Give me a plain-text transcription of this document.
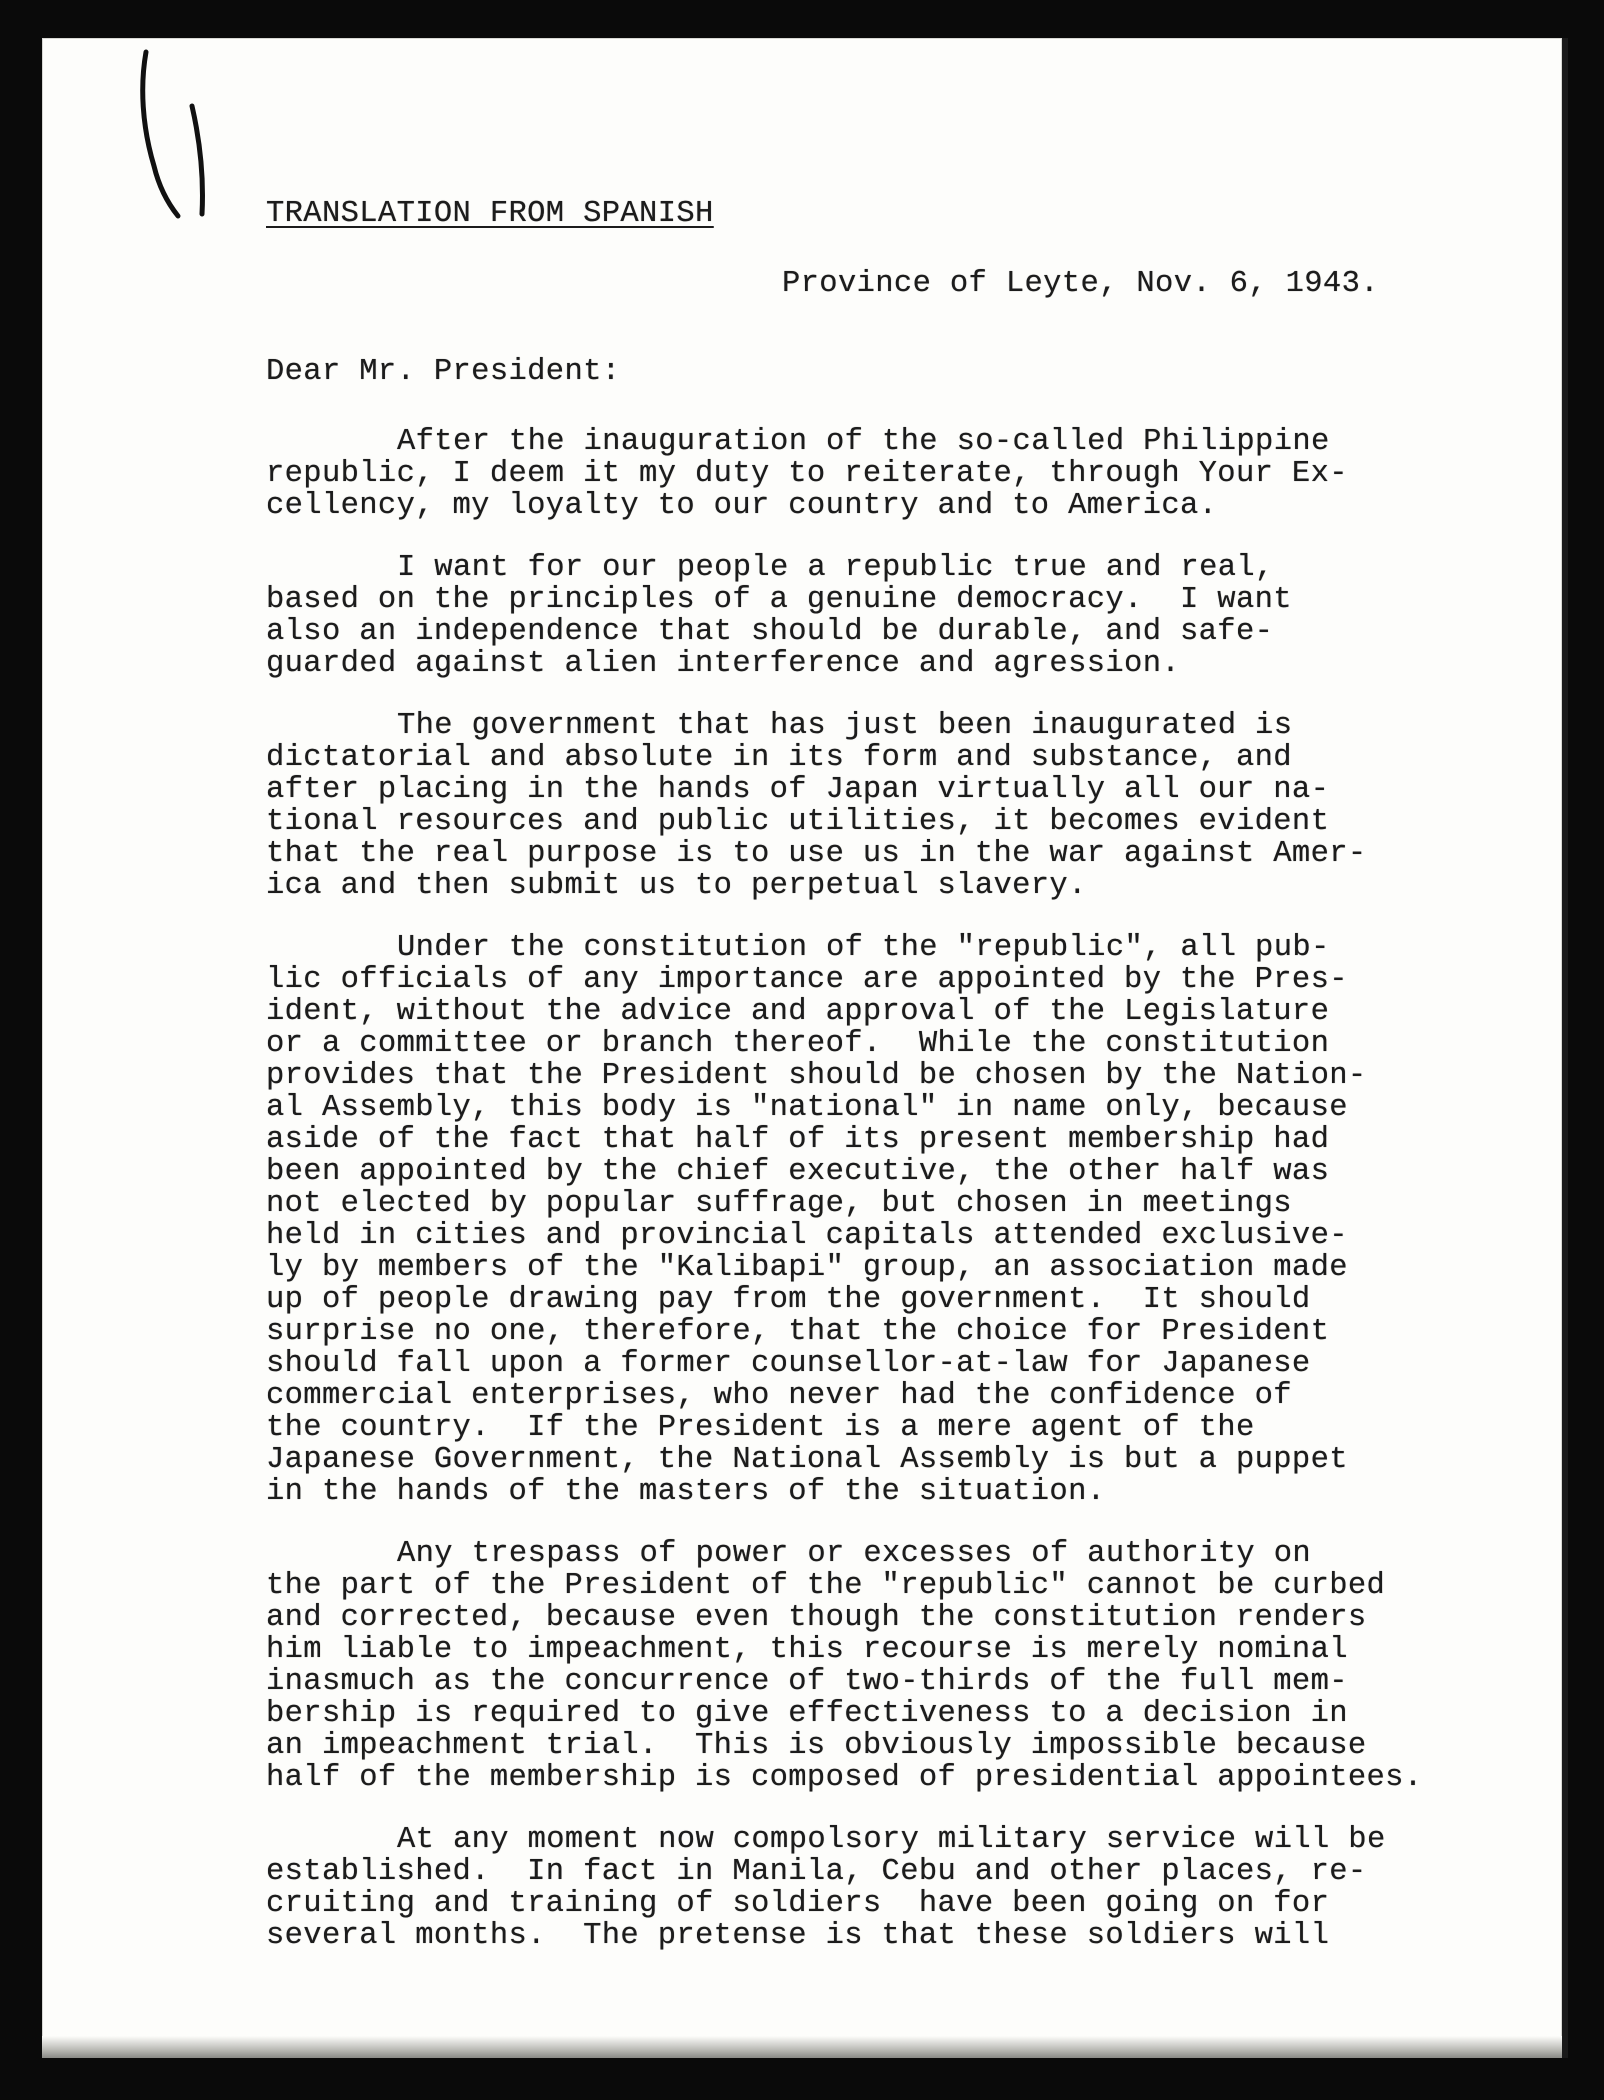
TRANSLATION FROM SPANISH
Province of Leyte, Nov. 6, 1943.
Dear Mr. President:
After the inauguration of the so-called Philippine
republic, I deem it my duty to reiterate, through Your Ex-
cellency, my loyalty to our country and to America.
I want for our people a republic true and real,
based on the principles of a genuine democracy.  I want
also an independence that should be durable, and safe-
guarded against alien interference and agression.
The government that has just been inaugurated is
dictatorial and absolute in its form and substance, and
after placing in the hands of Japan virtually all our na-
tional resources and public utilities, it becomes evident
that the real purpose is to use us in the war against Amer-
ica and then submit us to perpetual slavery.
Under the constitution of the "republic", all pub-
lic officials of any importance are appointed by the Pres-
ident, without the advice and approval of the Legislature
or a committee or branch thereof.  While the constitution
provides that the President should be chosen by the Nation-
al Assembly, this body is "national" in name only, because
aside of the fact that half of its present membership had
been appointed by the chief executive, the other half was
not elected by popular suffrage, but chosen in meetings
held in cities and provincial capitals attended exclusive-
ly by members of the "Kalibapi" group, an association made
up of people drawing pay from the government.  It should
surprise no one, therefore, that the choice for President
should fall upon a former counsellor-at-law for Japanese
commercial enterprises, who never had the confidence of
the country.  If the President is a mere agent of the
Japanese Government, the National Assembly is but a puppet
in the hands of the masters of the situation.
Any trespass of power or excesses of authority on
the part of the President of the "republic" cannot be curbed
and corrected, because even though the constitution renders
him liable to impeachment, this recourse is merely nominal
inasmuch as the concurrence of two-thirds of the full mem-
bership is required to give effectiveness to a decision in
an impeachment trial.  This is obviously impossible because
half of the membership is composed of presidential appointees.
At any moment now compolsory military service will be
established.  In fact in Manila, Cebu and other places, re-
cruiting and training of soldiers  have been going on for
several months.  The pretense is that these soldiers will
